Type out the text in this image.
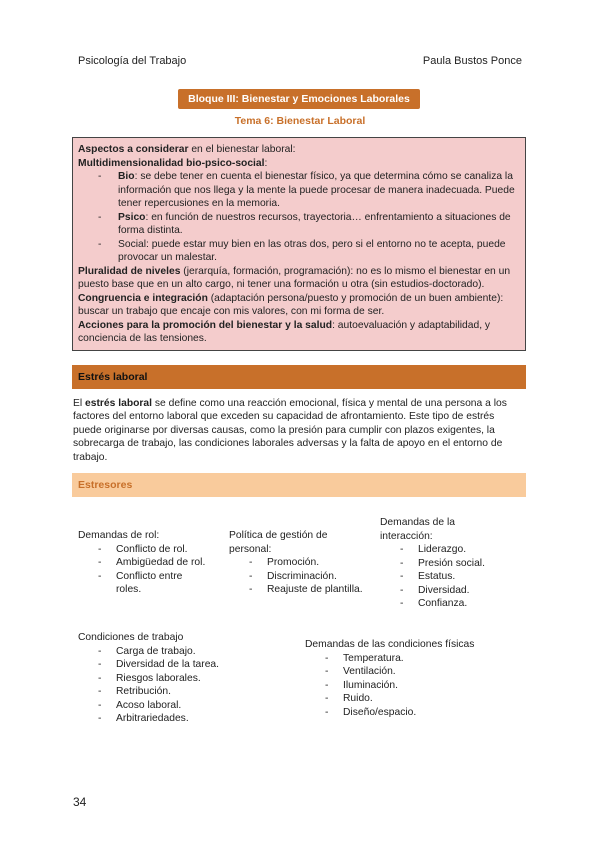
Psicología del Trabajo	Paula Bustos Ponce
Bloque III: Bienestar y Emociones Laborales
Tema 6: Bienestar Laboral

Aspectos a considerar en el bienestar laboral:

Multidimensionalidad bio-psico-social:

- Bio: se debe tener en cuenta el bienestar físico, ya que determina cómo se canaliza la información que nos llega y la mente la puede procesar de manera inadecuada. Puede tener repercusiones en la memoria.
- Psico: en función de nuestros recursos, trayectoria… enfrentamiento a situaciones de forma distinta.
- Social: puede estar muy bien en las otras dos, pero si el entorno no te acepta, puede provocar un malestar.

Pluralidad de niveles (jerarquía, formación, programación): no es lo mismo el bienestar en un puesto base que en un alto cargo, ni tener una formación u otra (sin estudios-doctorado).

Congruencia e integración (adaptación persona/puesto y promoción de un buen ambiente): buscar un trabajo que encaje con mis valores, con mi forma de ser.

Acciones para la promoción del bienestar y la salud: autoevaluación y adaptabilidad, y conciencia de las tensiones.

Estrés laboral
El estrés laboral se define como una reacción emocional, física y mental de una persona a los factores del entorno laboral que exceden su capacidad de afrontamiento. Este tipo de estrés puede originarse por diversas causas, como la presión para cumplir con plazos exigentes, la sobrecarga de trabajo, las condiciones laborales adversas y la falta de apoyo en el entorno de trabajo.
Estresores
Demandas de rol:
- Conflicto de rol.
- Ambigüedad de rol.
- Conflicto entre roles.
Política de gestión de personal:
- Promoción.
- Discriminación.
- Reajuste de plantilla.
Demandas de la interacción:
- Liderazgo.
- Presión social.
- Estatus.
- Diversidad.
- Confianza.
Condiciones de trabajo
- Carga de trabajo.
- Diversidad de la tarea.
- Riesgos laborales.
- Retribución.
- Acoso laboral.
- Arbitrariedades.
Demandas de las condiciones físicas
- Temperatura.
- Ventilación.
- Iluminación.
- Ruido.
- Diseño/espacio.
34
